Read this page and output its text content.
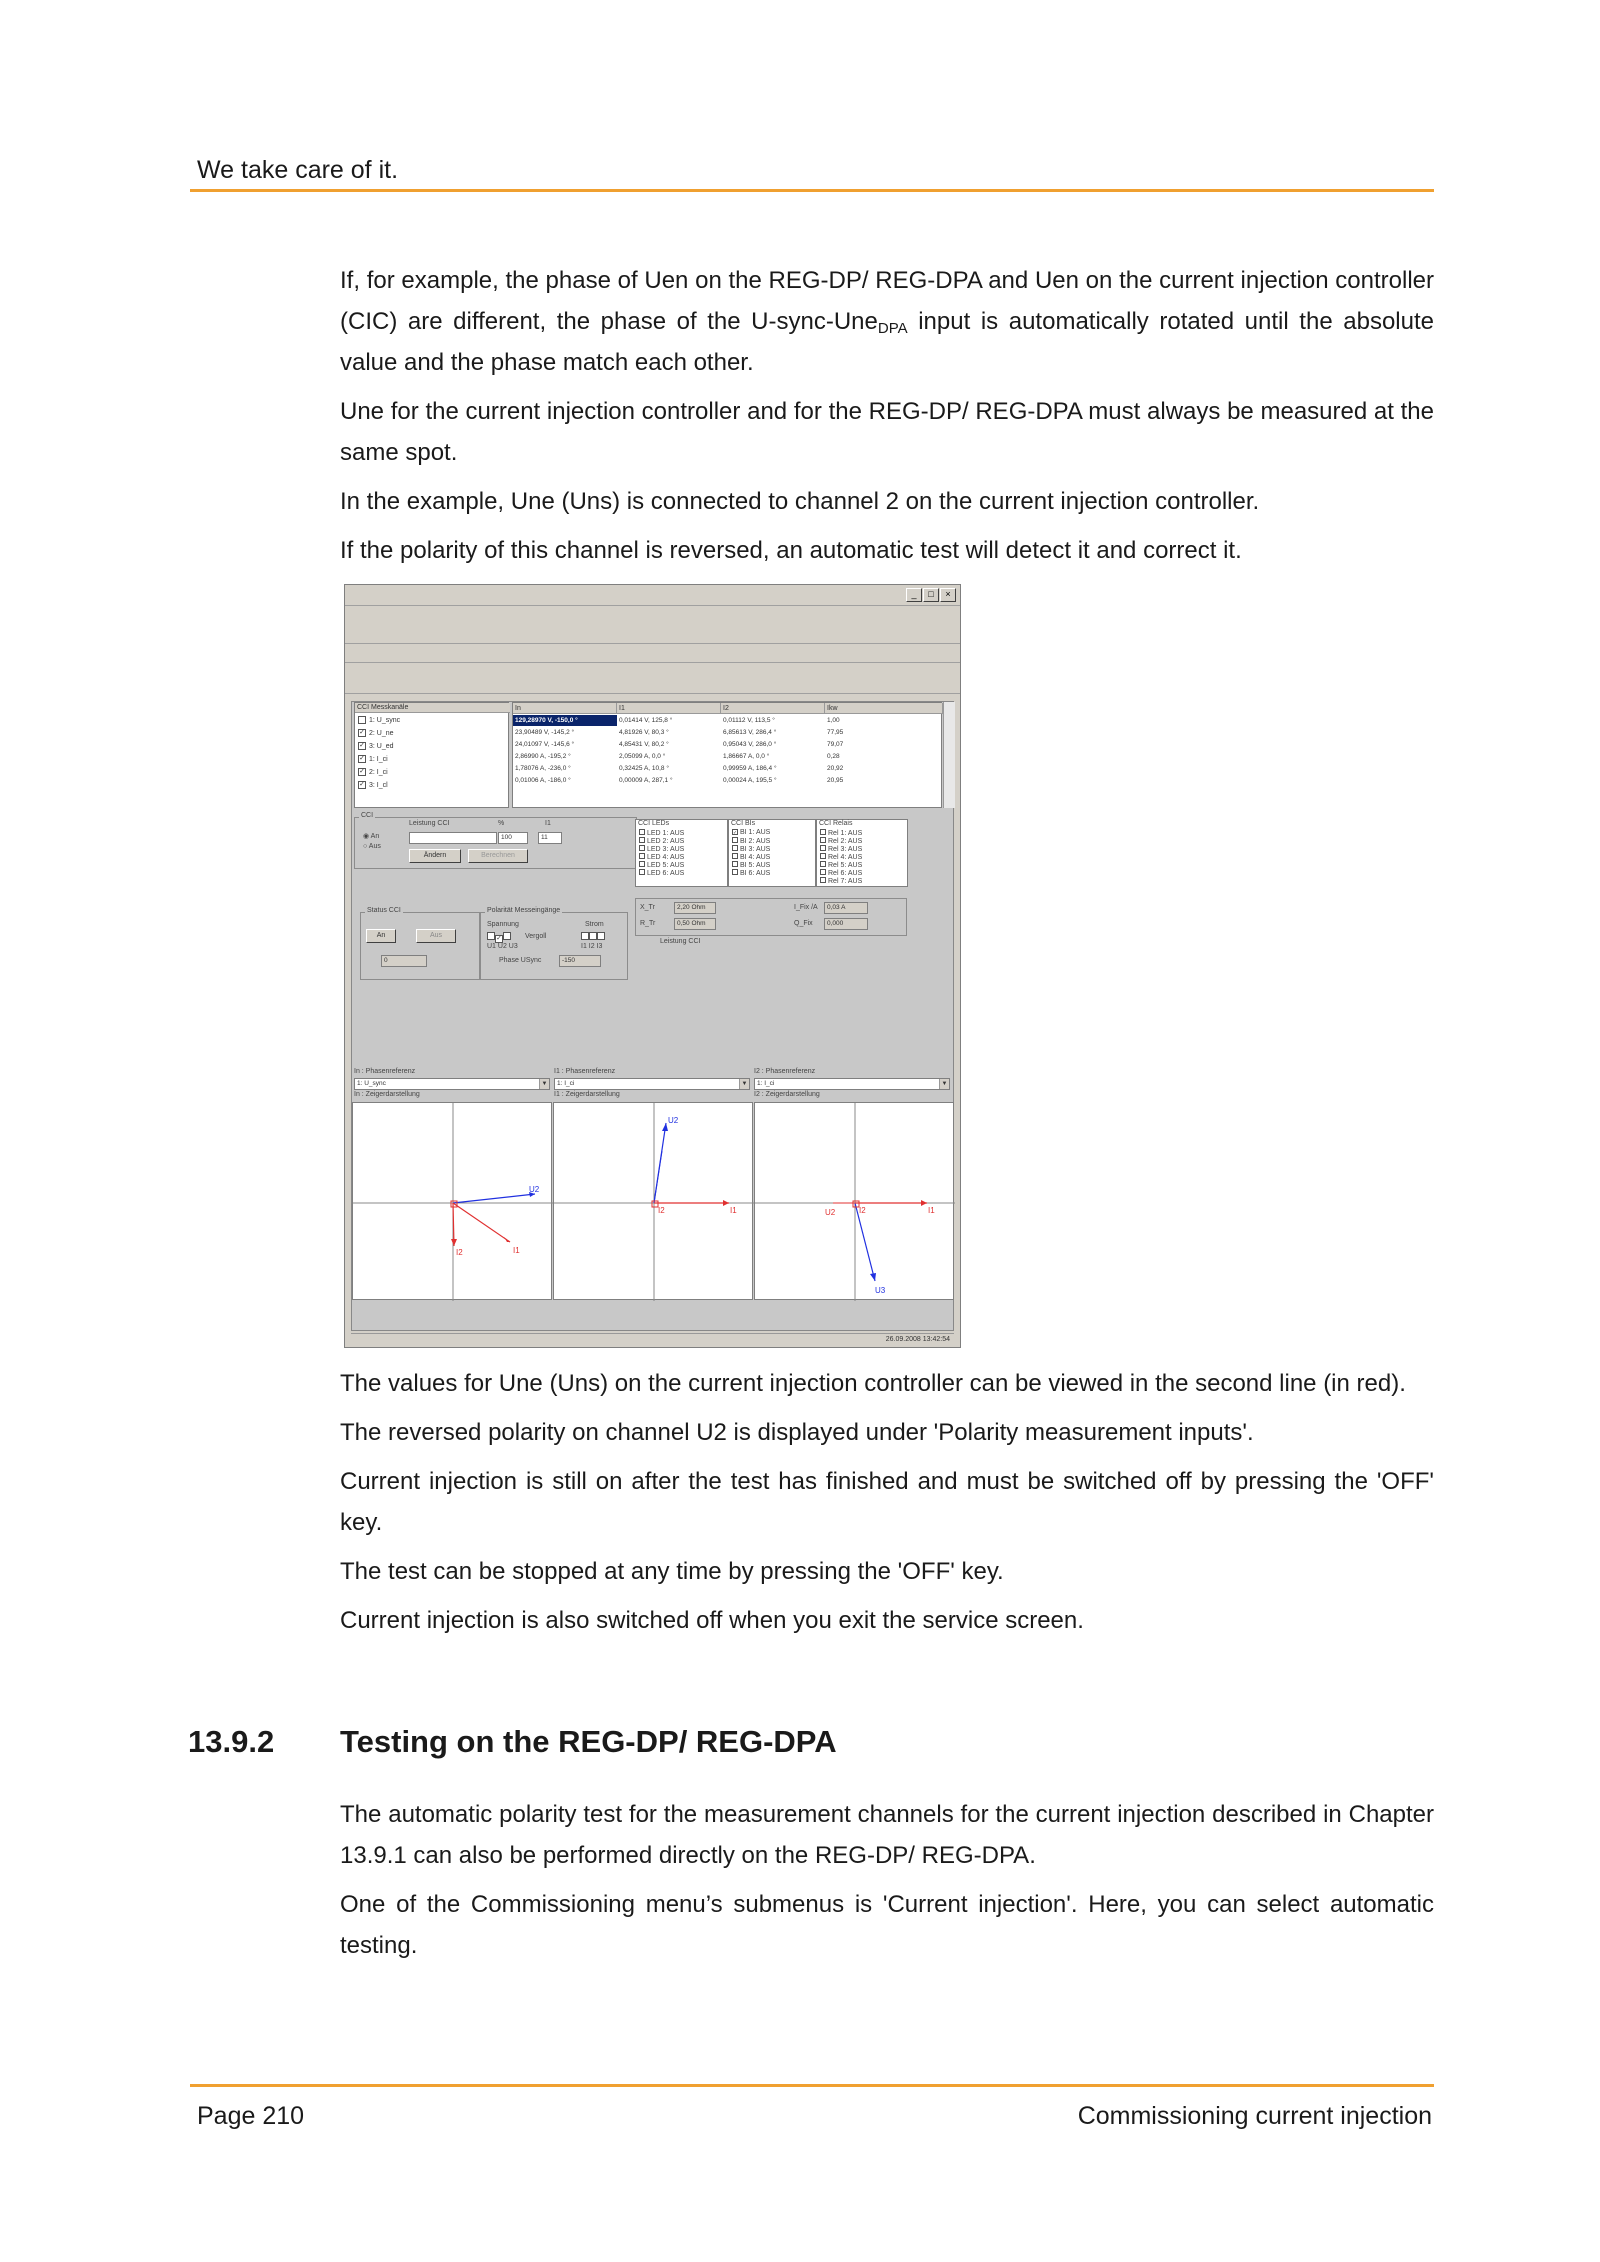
We take care of it.

If, for example, the phase of Uen on the REG-DP/ REG-DPA and Uen on the current injection controller (CIC) are different, the phase of the U-sync-Une$_{DPA}$ input is automatically rotated until the absolute value and the phase match each other.

Une for the current injection controller and for the REG-DP/ REG-DPA must always be measured at the same spot.

In the example, Une (Uns) is connected to channel 2 on the current injection controller.

If the polarity of this channel is reversed, an automatic test will detect it and correct it.

_	□	×
CCI Messkanäle
1: U_sync
✓ 2: U_ne
✓ 3: U_ed
✓ 1: I_ci
✓ 2: I_ci
✓ 3: I_cl
In	I1	I2	Ikw
129,28970 V, -150,0 °	0,01414 V, 125,8 °	0,01112 V, 113,5 °	1,00
23,90489 V, -145,2 °	4,81926 V, 80,3 °	6,85613 V, 286,4 °	77,95
24,01097 V, -145,6 °	4,85431 V, 80,2 °	0,95043 V, 286,0 °	79,07
2,86990 A, -195,2 °	2,05099 A, 0,0 °	1,86667 A, 0,0 °	0,28
1,78076 A, -236,0 °	0,32425 A, 10,8 °	0,99959 A, 186,4 °	20,92
0,01006 A, -186,0 °	0,00009 A, 287,1 °	0,00024 A, 195,5 °	20,95
CCI
◉ An
○ Aus
Leistung CCI	%	I1
100	11
Ändern	Berechnen
CCI LEDs
LED 1: AUS
LED 2: AUS
LED 3: AUS
LED 4: AUS
LED 5: AUS
LED 6: AUS
CCI BIs
✓ BI 1: AUS
BI 2: AUS
BI 3: AUS
BI 4: AUS
BI 5: AUS
BI 6: AUS
CCI Relais
Rel 1: AUS
Rel 2: AUS
Rel 3: AUS
Rel 4: AUS
Rel 5: AUS
Rel 6: AUS
Rel 7: AUS
Status CCI
An	Aus
0
Polarität Messeingänge
Spannung	Strom
✓	Vergoll
U1 U2 U3	I1 I2 I3
Phase USync	-150
X_Tr	2,20 Ohm
R_Tr	0,50 Ohm
I_Fix /A	0,03 A
Q_Fix	0,000
Leistung CCI
In : Phasenreferenz	I1 : Phasenreferenz	I2 : Phasenreferenz
1: U_sync	▼	1: I_ci	▼	1: I_ci	▼
In : Zeigerdarstellung	I1 : Zeigerdarstellung	I2 : Zeigerdarstellung
U2
I1
I2
U2
I1
I2
U3
I1
I2
U2
26.09.2008 13:42:54

The values for Une (Uns) on the current injection controller can be viewed in the second line (in red).

The reversed polarity on channel U2 is displayed under 'Polarity measurement inputs'.

Current injection is still on after the test has finished and must be switched off by pressing the 'OFF' key.

The test can be stopped at any time by pressing the 'OFF' key.

Current injection is also switched off when you exit the service screen.

13.9.2 Testing on the REG-DP/ REG-DPA

The automatic polarity test for the measurement channels for the current injection described in Chapter 13.9.1 can also be performed directly on the REG-DP/ REG-DPA.

One of the Commissioning menu’s submenus is 'Current injection'. Here, you can select automatic testing.

Page 210	Commissioning current injection
